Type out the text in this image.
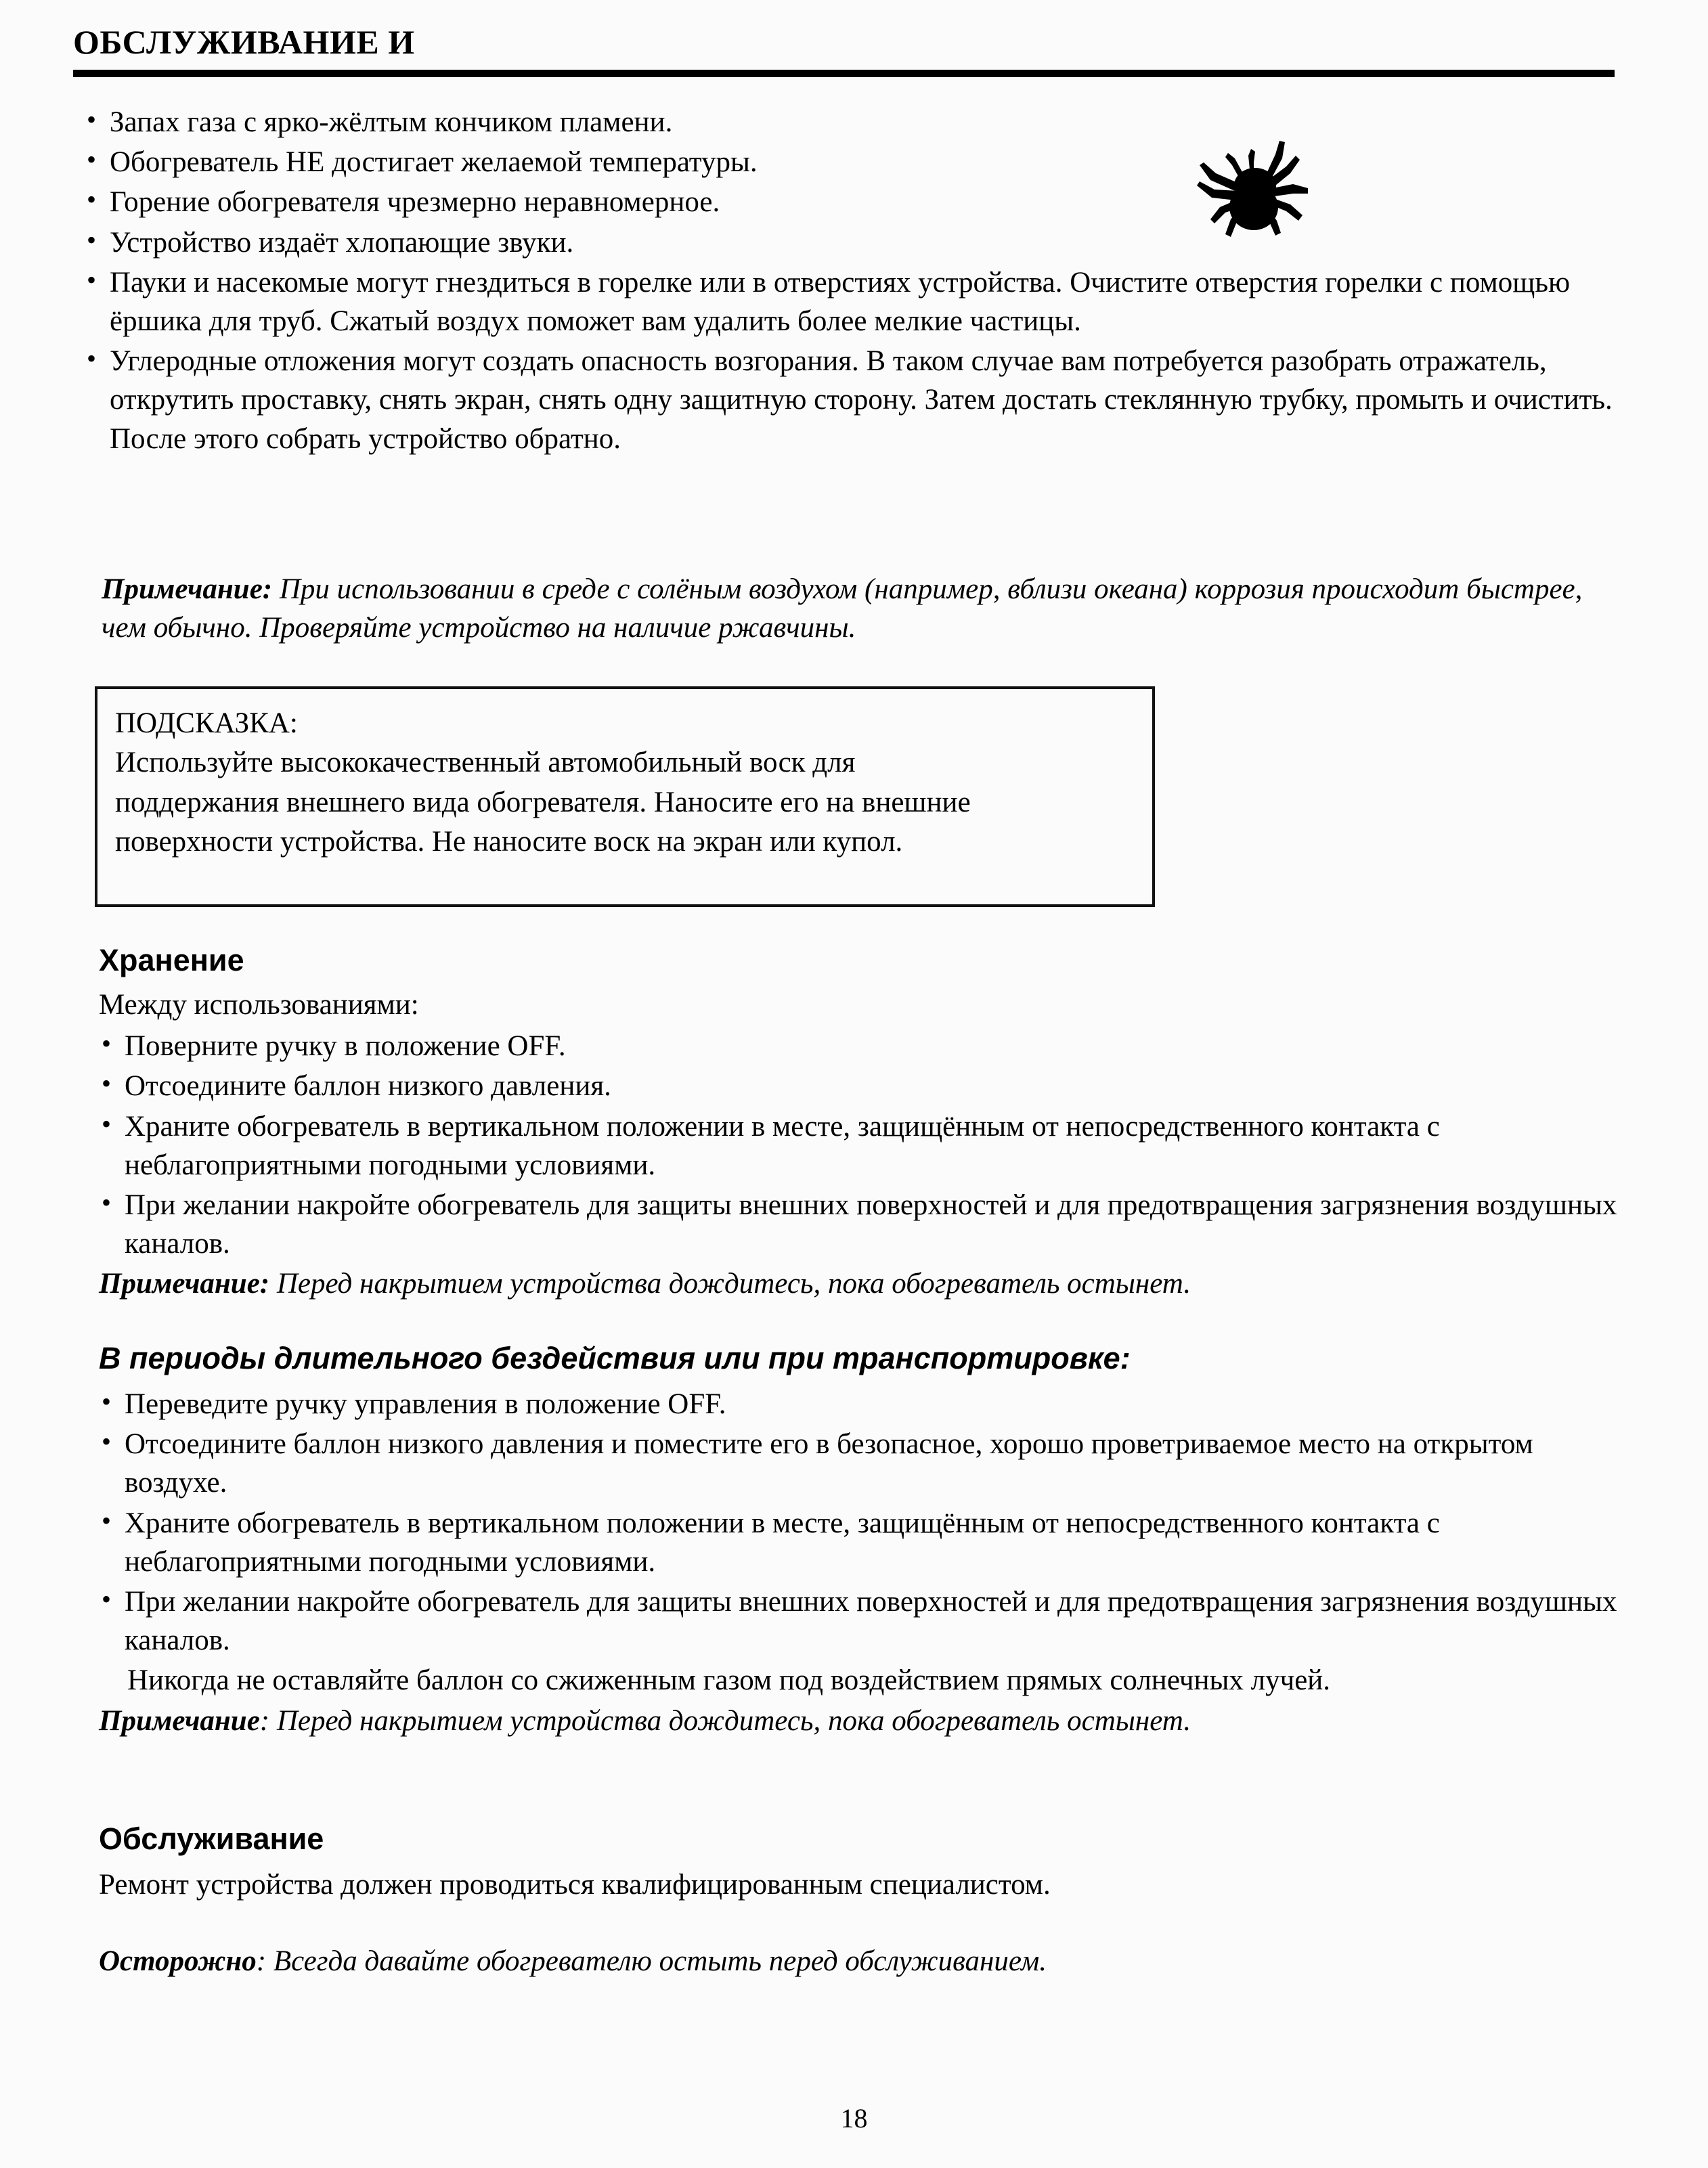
ОБСЛУЖИВАНИЕ И
• Запах газа с ярко-жёлтым кончиком пламени.
• Обогреватель НЕ достигает желаемой температуры.
• Горение обогревателя чрезмерно неравномерное.
• Устройство издаёт хлопающие звуки.
• Пауки и насекомые могут гнездиться в горелке или в отверстиях устройства. Очистите отверстия горелки с помощью ёршика для труб. Сжатый воздух поможет вам удалить более мелкие частицы.
• Углеродные отложения могут создать опасность возгорания. В таком случае вам потребуется разобрать отражатель, открутить проставку, снять экран, снять одну защитную сторону. Затем достать стеклянную трубку, промыть и очистить. После этого собрать устройство обратно.
Примечание: При использовании в среде с солёным воздухом (например, вблизи океана) коррозия происходит быстрее, чем обычно. Проверяйте устройство на наличие ржавчины.
ПОДСКАЗКА:
Используйте высококачественный автомобильный воск для
поддержания внешнего вида обогревателя. Наносите его на внешние
поверхности устройства. Не наносите воск на экран или купол.
Хранение
Между использованиями:
• Поверните ручку в положение OFF.
• Отсоедините баллон низкого давления.
• Храните обогреватель в вертикальном положении в месте, защищённым от непосредственного контакта с неблагоприятными погодными условиями.
• При желании накройте обогреватель для защиты внешних поверхностей и для предотвращения загрязнения воздушных каналов.
Примечание: Перед накрытием устройства дождитесь, пока обогреватель остынет.
В периоды длительного бездействия или при транспортировке:
• Переведите ручку управления в положение OFF.
• Отсоедините баллон низкого давления и поместите его в безопасное, хорошо проветриваемое место на открытом воздухе.
• Храните обогреватель в вертикальном положении в месте, защищённым от непосредственного контакта с неблагоприятными погодными условиями.
• При желании накройте обогреватель для защиты внешних поверхностей и для предотвращения загрязнения воздушных каналов.
Никогда не оставляйте баллон со сжиженным газом под воздействием прямых солнечных лучей.
Примечание: Перед накрытием устройства дождитесь, пока обогреватель остынет.
Обслуживание
Ремонт устройства должен проводиться квалифицированным специалистом.
Осторожно: Всегда давайте обогревателю остыть перед обслуживанием.
18
